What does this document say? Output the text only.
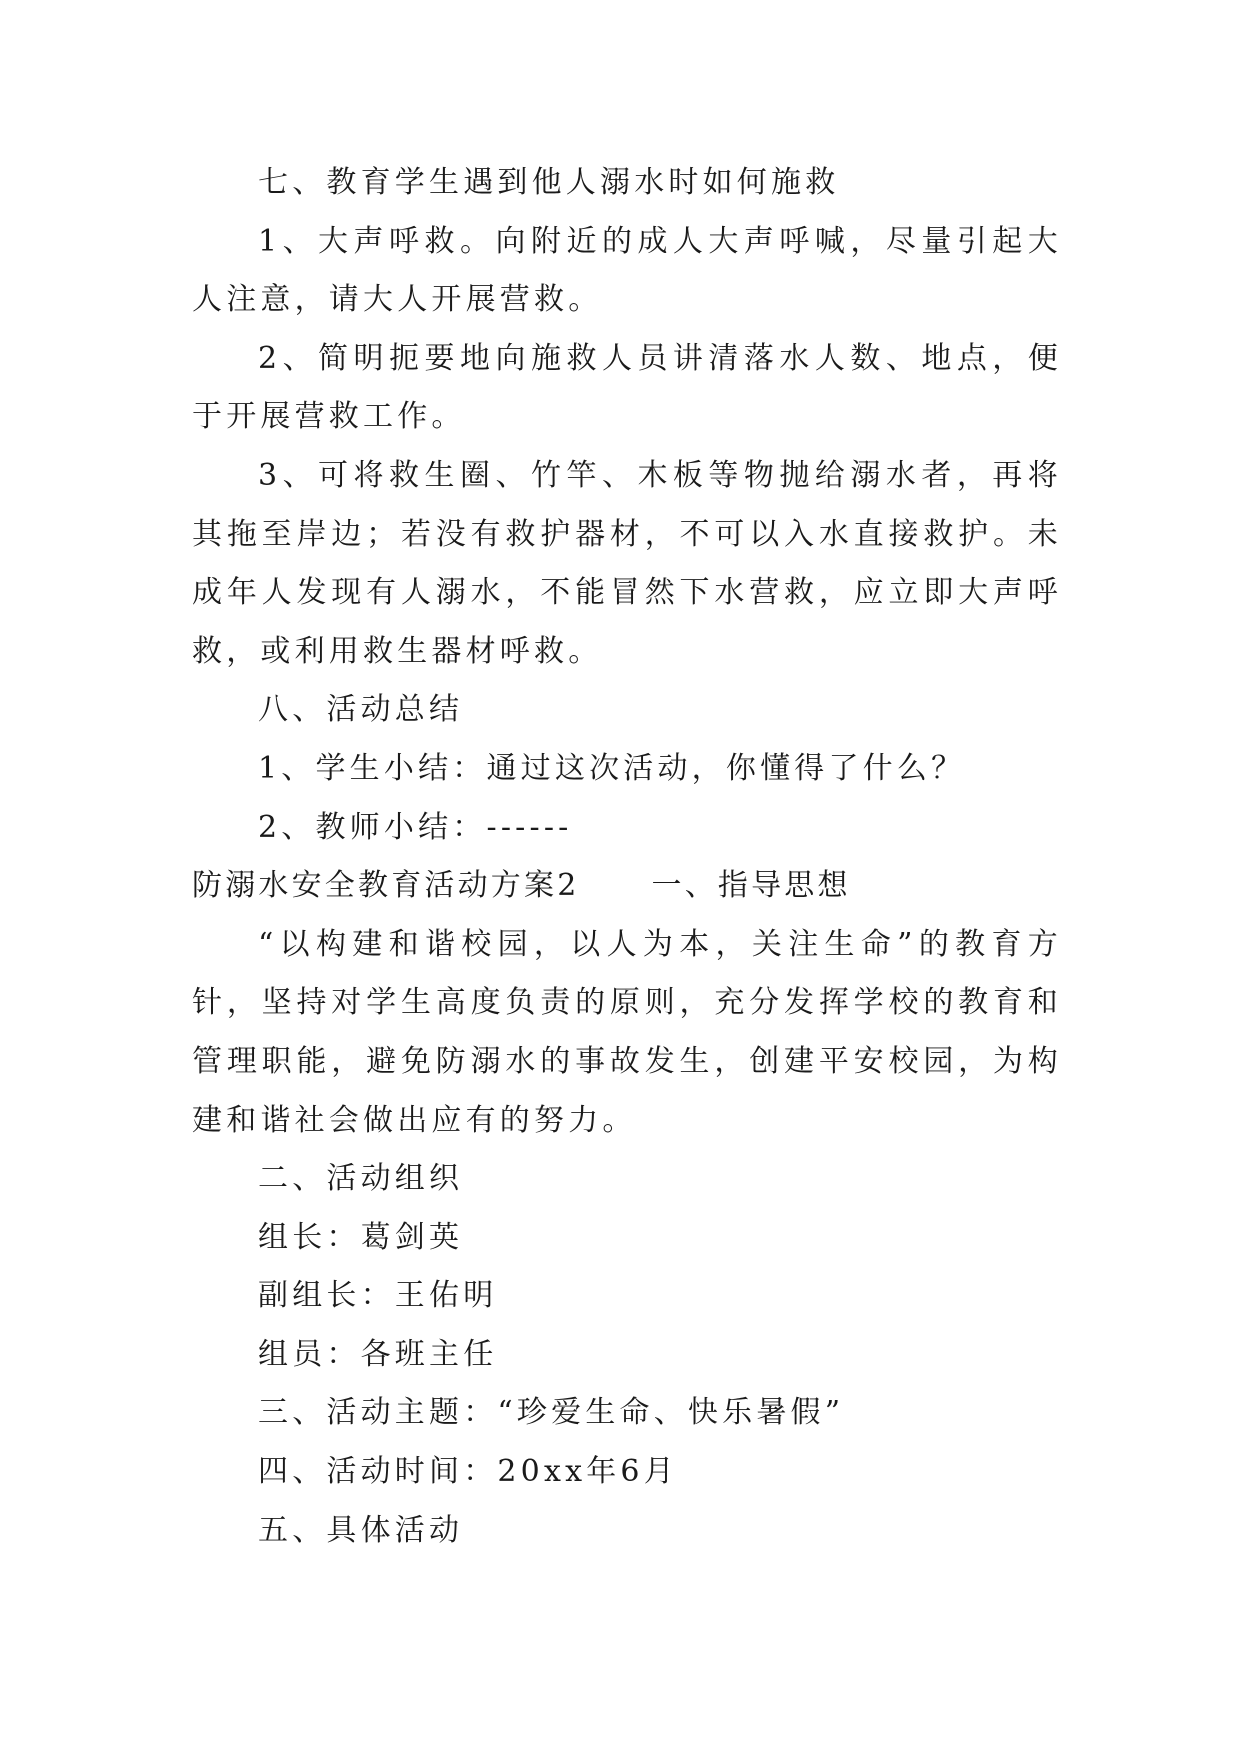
七、教育学生遇到他人溺水时如何施救

1、大声呼救。向附近的成人大声呼喊，尽量引起大人注意，请大人开展营救。

2、简明扼要地向施救人员讲清落水人数、地点，便于开展营救工作。

3、可将救生圈、竹竿、木板等物抛给溺水者，再将其拖至岸边；若没有救护器材，不可以入水直接救护。未成年人发现有人溺水，不能冒然下水营救，应立即大声呼救，或利用救生器材呼救。

八、活动总结

1、学生小结：通过这次活动，你懂得了什么？

2、教师小结：------

防溺水安全教育活动方案2 一、指导思想

“以构建和谐校园，以人为本，关注生命”的教育方针，坚持对学生高度负责的原则，充分发挥学校的教育和管理职能，避免防溺水的事故发生，创建平安校园，为构建和谐社会做出应有的努力。

二、活动组织

组长：葛剑英

副组长：王佑明

组员：各班主任

三、活动主题：“珍爱生命、快乐暑假”

四、活动时间：20xx年6月

五、具体活动
